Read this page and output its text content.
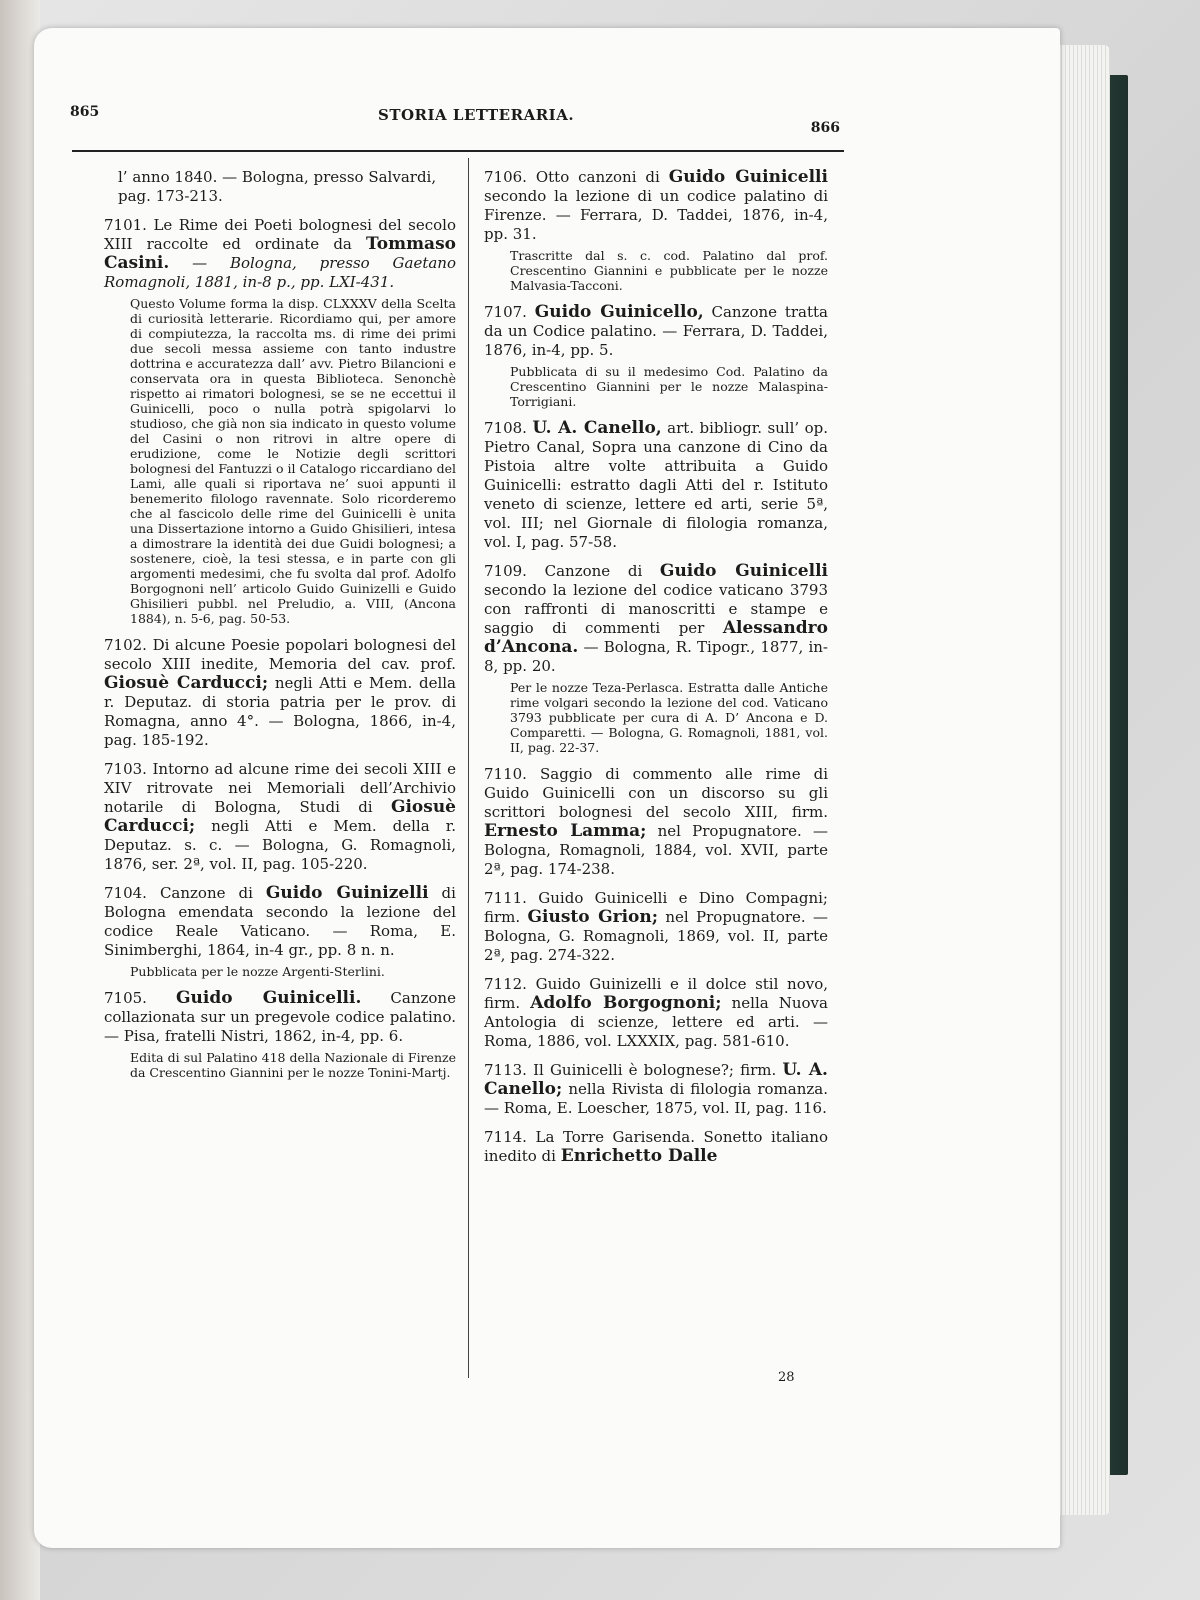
865	STORIA LETTERARIA.
866

l’ anno 1840. — Bologna, presso Salvardi, pag. 173-213.

7101. Le Rime dei Poeti bolognesi del secolo XIII raccolte ed ordinate da Tommaso Casini. — Bologna, presso Gaetano Romagnoli, 1881, in-8 p., pp. LXI-431.

Questo Volume forma la disp. CLXXXV della Scelta di curiosità letterarie. Ricordiamo qui, per amore di compiutezza, la raccolta ms. di rime dei primi due secoli messa assieme con tanto industre dottrina e accuratezza dall’ avv. Pietro Bilancioni e conservata ora in questa Biblioteca. Senonchè rispetto ai rimatori bolognesi, se se ne eccettui il Guinicelli, poco o nulla potrà spigolarvi lo studioso, che già non sia indicato in questo volume del Casini o non ritrovi in altre opere di erudizione, come le Notizie degli scrittori bolognesi del Fantuzzi o il Catalogo riccardiano del Lami, alle quali si riportava ne’ suoi appunti il benemerito filologo ravennate. Solo ricorderemo che al fascicolo delle rime del Guinicelli è unita una Dissertazione intorno a Guido Ghisilieri, intesa a dimostrare la identità dei due Guidi bolognesi; a sostenere, cioè, la tesi stessa, e in parte con gli argomenti medesimi, che fu svolta dal prof. Adolfo Borgognoni nell’ articolo Guido Guinizelli e Guido Ghisilieri pubbl. nel Preludio, a. VIII, (Ancona 1884), n. 5-6, pag. 50-53.

7102. Di alcune Poesie popolari bolognesi del secolo XIII inedite, Memoria del cav. prof. Giosuè Carducci; negli Atti e Mem. della r. Deputaz. di storia patria per le prov. di Romagna, anno 4°. — Bologna, 1866, in-4, pag. 185-192.

7103. Intorno ad alcune rime dei secoli XIII e XIV ritrovate nei Memoriali dell’Archivio notarile di Bologna, Studi di Giosuè Carducci; negli Atti e Mem. della r. Deputaz. s. c. — Bologna, G. Romagnoli, 1876, ser. 2ª, vol. II, pag. 105-220.

7104. Canzone di Guido Guinizelli di Bologna emendata secondo la lezione del codice Reale Vaticano. — Roma, E. Sinimberghi, 1864, in-4 gr., pp. 8 n. n.

Pubblicata per le nozze Argenti-Sterlini.

7105. Guido Guinicelli. Canzone collazionata sur un pregevole codice palatino. — Pisa, fratelli Nistri, 1862, in-4, pp. 6.

Edita di sul Palatino 418 della Nazionale di Firenze da Crescentino Giannini per le nozze Tonini-Martj.

7106. Otto canzoni di Guido Guinicelli secondo la lezione di un codice palatino di Firenze. — Ferrara, D. Taddei, 1876, in-4, pp. 31.

Trascritte dal s. c. cod. Palatino dal prof. Crescentino Giannini e pubblicate per le nozze Malvasia-Tacconi.

7107. Guido Guinicello, Canzone tratta da un Codice palatino. — Ferrara, D. Taddei, 1876, in-4, pp. 5.

Pubblicata di su il medesimo Cod. Palatino da Crescentino Giannini per le nozze Malaspina-Torrigiani.

7108. U. A. Canello, art. bibliogr. sull’ op. Pietro Canal, Sopra una canzone di Cino da Pistoia altre volte attribuita a Guido Guinicelli: estratto dagli Atti del r. Istituto veneto di scienze, lettere ed arti, serie 5ª, vol. III; nel Giornale di filologia romanza, vol. I, pag. 57-58.

7109. Canzone di Guido Guinicelli secondo la lezione del codice vaticano 3793 con raffronti di manoscritti e stampe e saggio di commenti per Alessandro d’Ancona. — Bologna, R. Tipogr., 1877, in-8, pp. 20.

Per le nozze Teza-Perlasca. Estratta dalle Antiche rime volgari secondo la lezione del cod. Vaticano 3793 pubblicate per cura di A. D’ Ancona e D. Comparetti. — Bologna, G. Romagnoli, 1881, vol. II, pag. 22-37.

7110. Saggio di commento alle rime di Guido Guinicelli con un discorso su gli scrittori bolognesi del secolo XIII, firm. Ernesto Lamma; nel Propugnatore. — Bologna, Romagnoli, 1884, vol. XVII, parte 2ª, pag. 174-238.

7111. Guido Guinicelli e Dino Compagni; firm. Giusto Grion; nel Propugnatore. — Bologna, G. Romagnoli, 1869, vol. II, parte 2ª, pag. 274-322.

7112. Guido Guinizelli e il dolce stil novo, firm. Adolfo Borgognoni; nella Nuova Antologia di scienze, lettere ed arti. — Roma, 1886, vol. LXXXIX, pag. 581-610.

7113. Il Guinicelli è bolognese?; firm. U. A. Canello; nella Rivista di filologia romanza. — Roma, E. Loescher, 1875, vol. II, pag. 116.

7114. La Torre Garisenda. Sonetto italiano inedito di Enrichetto Dalle

28
